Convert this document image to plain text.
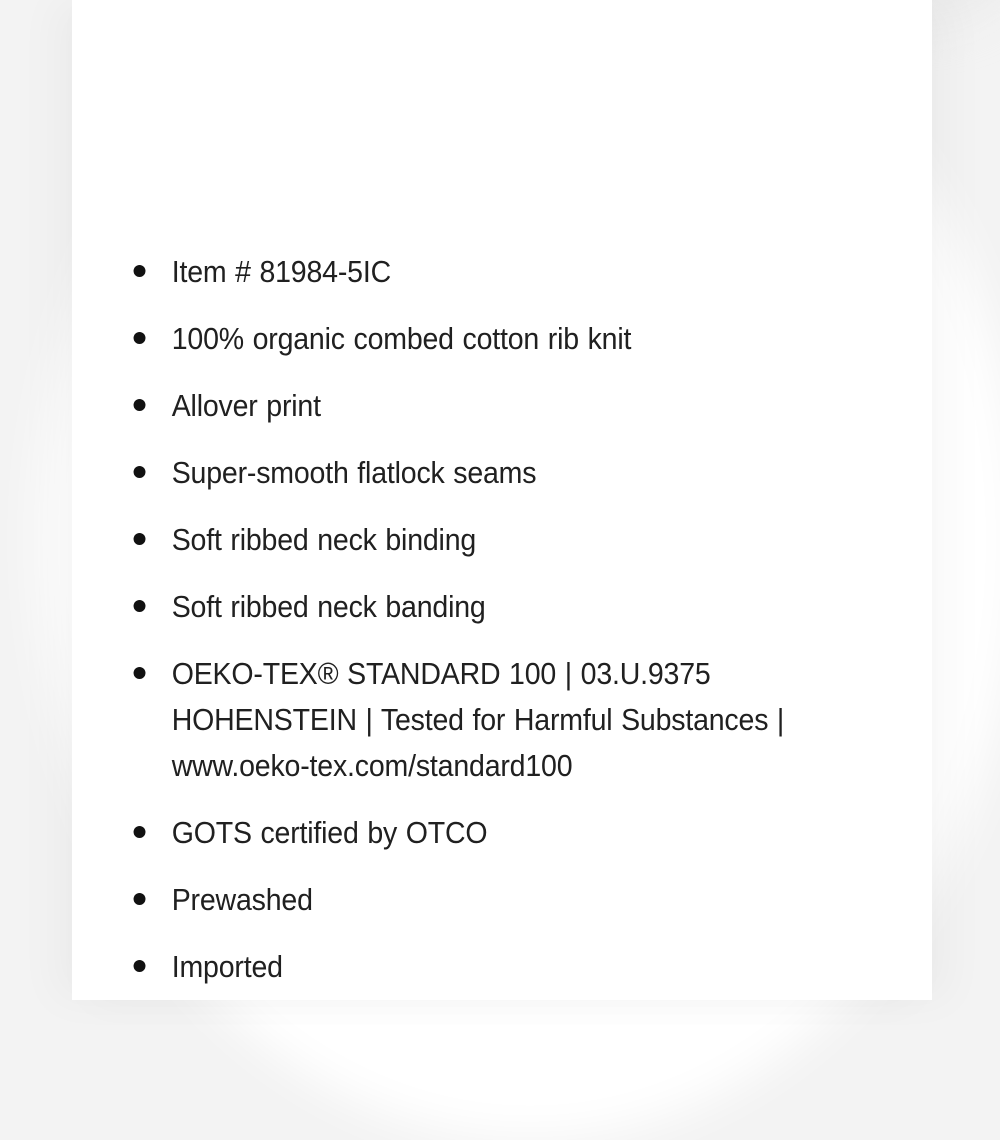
Item # 81984-5IC
100% organic combed cotton rib knit
Allover print
Super-smooth flatlock seams
Soft ribbed neck binding
Soft ribbed neck banding
OEKO-TEX® STANDARD 100 | 03.U.9375
HOHENSTEIN | Tested for Harmful Substances |
www.oeko-tex.com/standard100
GOTS certified by OTCO
Prewashed
Imported
